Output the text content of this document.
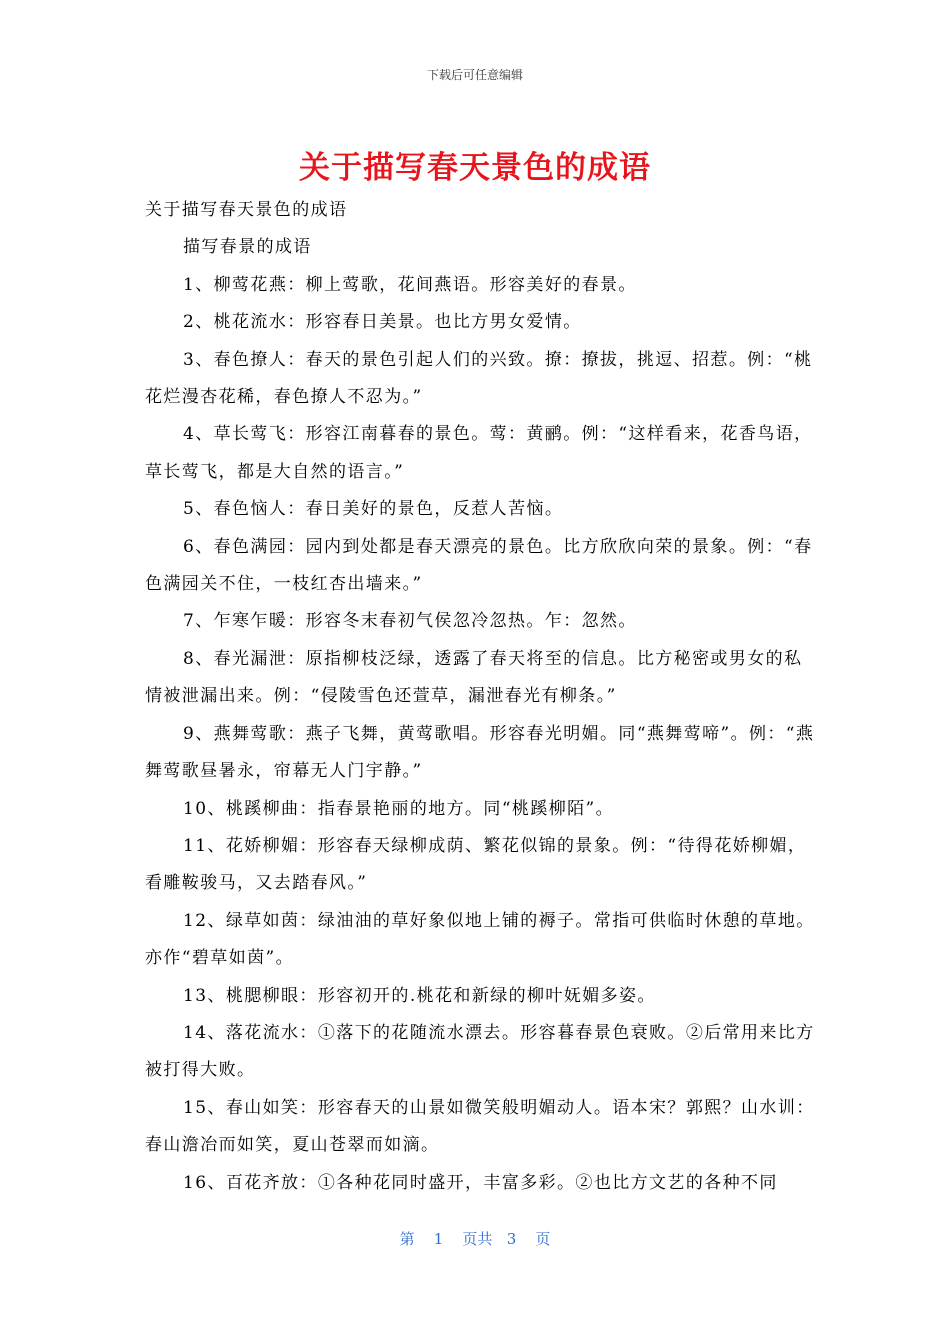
下载后可任意编辑
关于描写春天景色的成语

关于描写春天景色的成语

描写春景的成语

1、柳莺花燕：柳上莺歌，花间燕语。形容美好的春景。

2、桃花流水：形容春日美景。也比方男女爱情。

3、春色撩人：春天的景色引起人们的兴致。撩：撩拔，挑逗、招惹。例：“桃花烂漫杏花稀，春色撩人不忍为。”

4、草长莺飞：形容江南暮春的景色。莺：黄鹂。例：“这样看来，花香鸟语，草长莺飞，都是大自然的语言。”

5、春色恼人：春日美好的景色，反惹人苦恼。

6、春色满园：园内到处都是春天漂亮的景色。比方欣欣向荣的景象。例：“春色满园关不住，一枝红杏出墙来。”

7、乍寒乍暖：形容冬末春初气侯忽冷忽热。乍：忽然。

8、春光漏泄：原指柳枝泛绿，透露了春天将至的信息。比方秘密或男女的私情被泄漏出来。例：“侵陵雪色还萱草，漏泄春光有柳条。”

9、燕舞莺歌：燕子飞舞，黄莺歌唱。形容春光明媚。同“燕舞莺啼”。例：“燕舞莺歌昼暑永，帘幕无人门宇静。”

10、桃蹊柳曲：指春景艳丽的地方。同“桃蹊柳陌”。

11、花娇柳媚：形容春天绿柳成荫、繁花似锦的景象。例：“待得花娇柳媚，看雕鞍骏马，又去踏春风。”

12、绿草如茵：绿油油的草好象似地上铺的褥子。常指可供临时休憩的草地。亦作“碧草如茵”。

13、桃腮柳眼：形容初开的.桃花和新绿的柳叶妩媚多姿。

14、落花流水：①落下的花随流水漂去。形容暮春景色衰败。②后常用来比方被打得大败。

15、春山如笑：形容春天的山景如微笑般明媚动人。语本宋？郭熙？山水训：春山澹冶而如笑，夏山苍翠而如滴。

16、百花齐放：①各种花同时盛开，丰富多彩。②也比方文艺的各种不同

第 1 页共 3 页
